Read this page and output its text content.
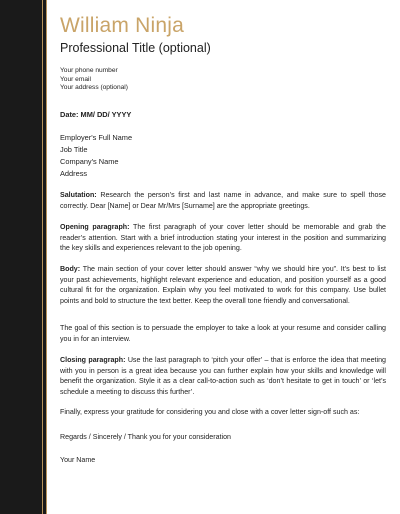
William Ninja
Professional Title (optional)
Your phone number
Your email
Your address (optional)
Date: MM/ DD/ YYYY
Employer's Full Name
Job Title
Company's Name
Address
Salutation: Research the person’s first and last name in advance, and make sure to spell those correctly. Dear [Name] or Dear Mr/Mrs [Surname] are the appropriate greetings.
Opening paragraph: The first paragraph of your cover letter should be memorable and grab the reader’s attention. Start with a brief introduction stating your interest in the position and summarizing the key skills and experiences relevant to the job opening.
Body: The main section of your cover letter should answer “why we should hire you”. It’s best to list your past achievements, highlight relevant experience and education, and position yourself as a good cultural fit for the organization. Explain why you feel motivated to work for this company. Use bullet points and bold to structure the text better. Keep the overall tone friendly and conversational.
The goal of this section is to persuade the employer to take a look at your resume and consider calling you in for an interview.
Closing paragraph: Use the last paragraph to ‘pitch your offer’ – that is enforce the idea that meeting with you in person is a great idea because you can further explain how your skills and knowledge will benefit the organization. Style it as a clear call-to-action such as ‘don’t hesitate to get in touch’ or ‘let’s schedule a meeting to discuss this further’.
Finally, express your gratitude for considering you and close with a cover letter sign-off such as:
Regards / Sincerely / Thank you for your consideration
Your Name
